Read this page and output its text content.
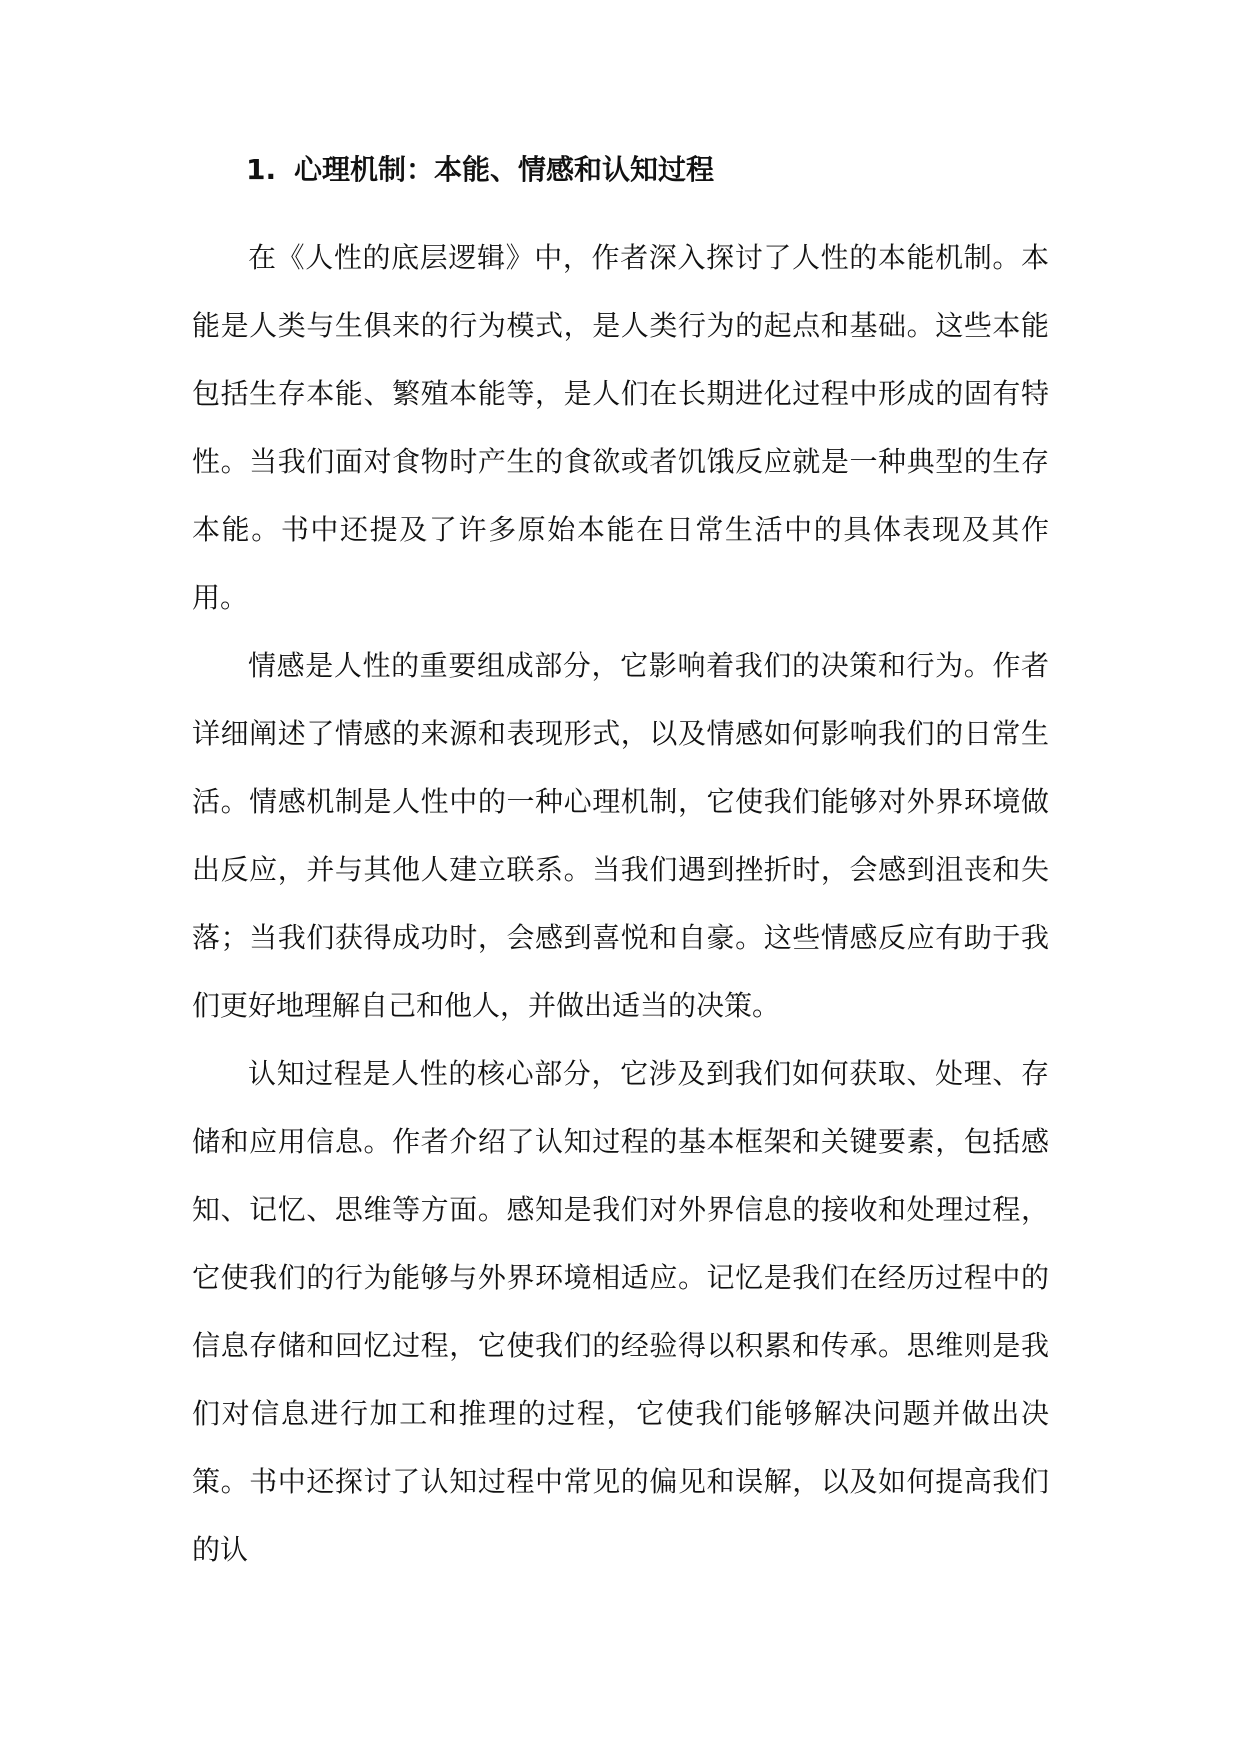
1. 心理机制：本能、情感和认知过程

在《人性的底层逻辑》中，作者深入探讨了人性的本能机制。本能是人类与生俱来的行为模式，是人类行为的起点和基础。这些本能包括生存本能、繁殖本能等，是人们在长期进化过程中形成的固有特性。当我们面对食物时产生的食欲或者饥饿反应就是一种典型的生存本能。书中还提及了许多原始本能在日常生活中的具体表现及其作用。

情感是人性的重要组成部分，它影响着我们的决策和行为。作者详细阐述了情感的来源和表现形式，以及情感如何影响我们的日常生活。情感机制是人性中的一种心理机制，它使我们能够对外界环境做出反应，并与其他人建立联系。当我们遇到挫折时，会感到沮丧和失落；当我们获得成功时，会感到喜悦和自豪。这些情感反应有助于我们更好地理解自己和他人，并做出适当的决策。

认知过程是人性的核心部分，它涉及到我们如何获取、处理、存储和应用信息。作者介绍了认知过程的基本框架和关键要素，包括感知、记忆、思维等方面。感知是我们对外界信息的接收和处理过程，它使我们的行为能够与外界环境相适应。记忆是我们在经历过程中的信息存储和回忆过程，它使我们的经验得以积累和传承。思维则是我们对信息进行加工和推理的过程，它使我们能够解决问题并做出决策。书中还探讨了认知过程中常见的偏见和误解，以及如何提高我们的认
